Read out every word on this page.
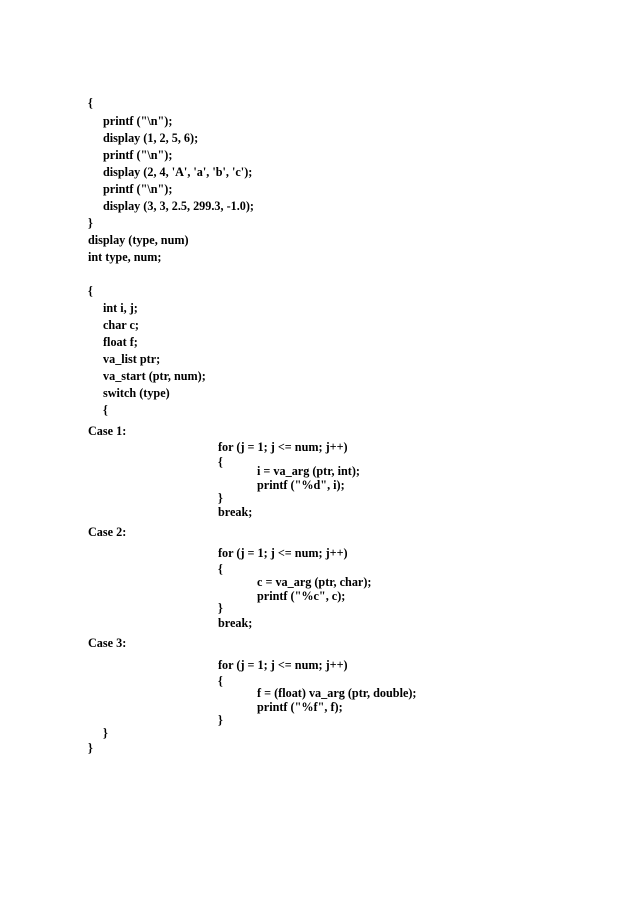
{
printf ("\n");
display (1, 2, 5, 6);
printf ("\n");
display (2, 4, 'A', 'a', 'b', 'c');
printf ("\n");
display (3, 3, 2.5, 299.3, -1.0);
}
display (type, num)
int type, num;
{
int i, j;
char c;
float f;
va_list ptr;
va_start (ptr, num);
switch (type)
{
Case 1:
for (j = 1; j <= num; j++)
{
i = va_arg (ptr, int);
printf ("%d", i);
}
break;
Case 2:
for (j = 1; j <= num; j++)
{
c = va_arg (ptr, char);
printf ("%c", c);
}
break;
Case 3:
for (j = 1; j <= num; j++)
{
f = (float) va_arg (ptr, double);
printf ("%f", f);
}
}
}
